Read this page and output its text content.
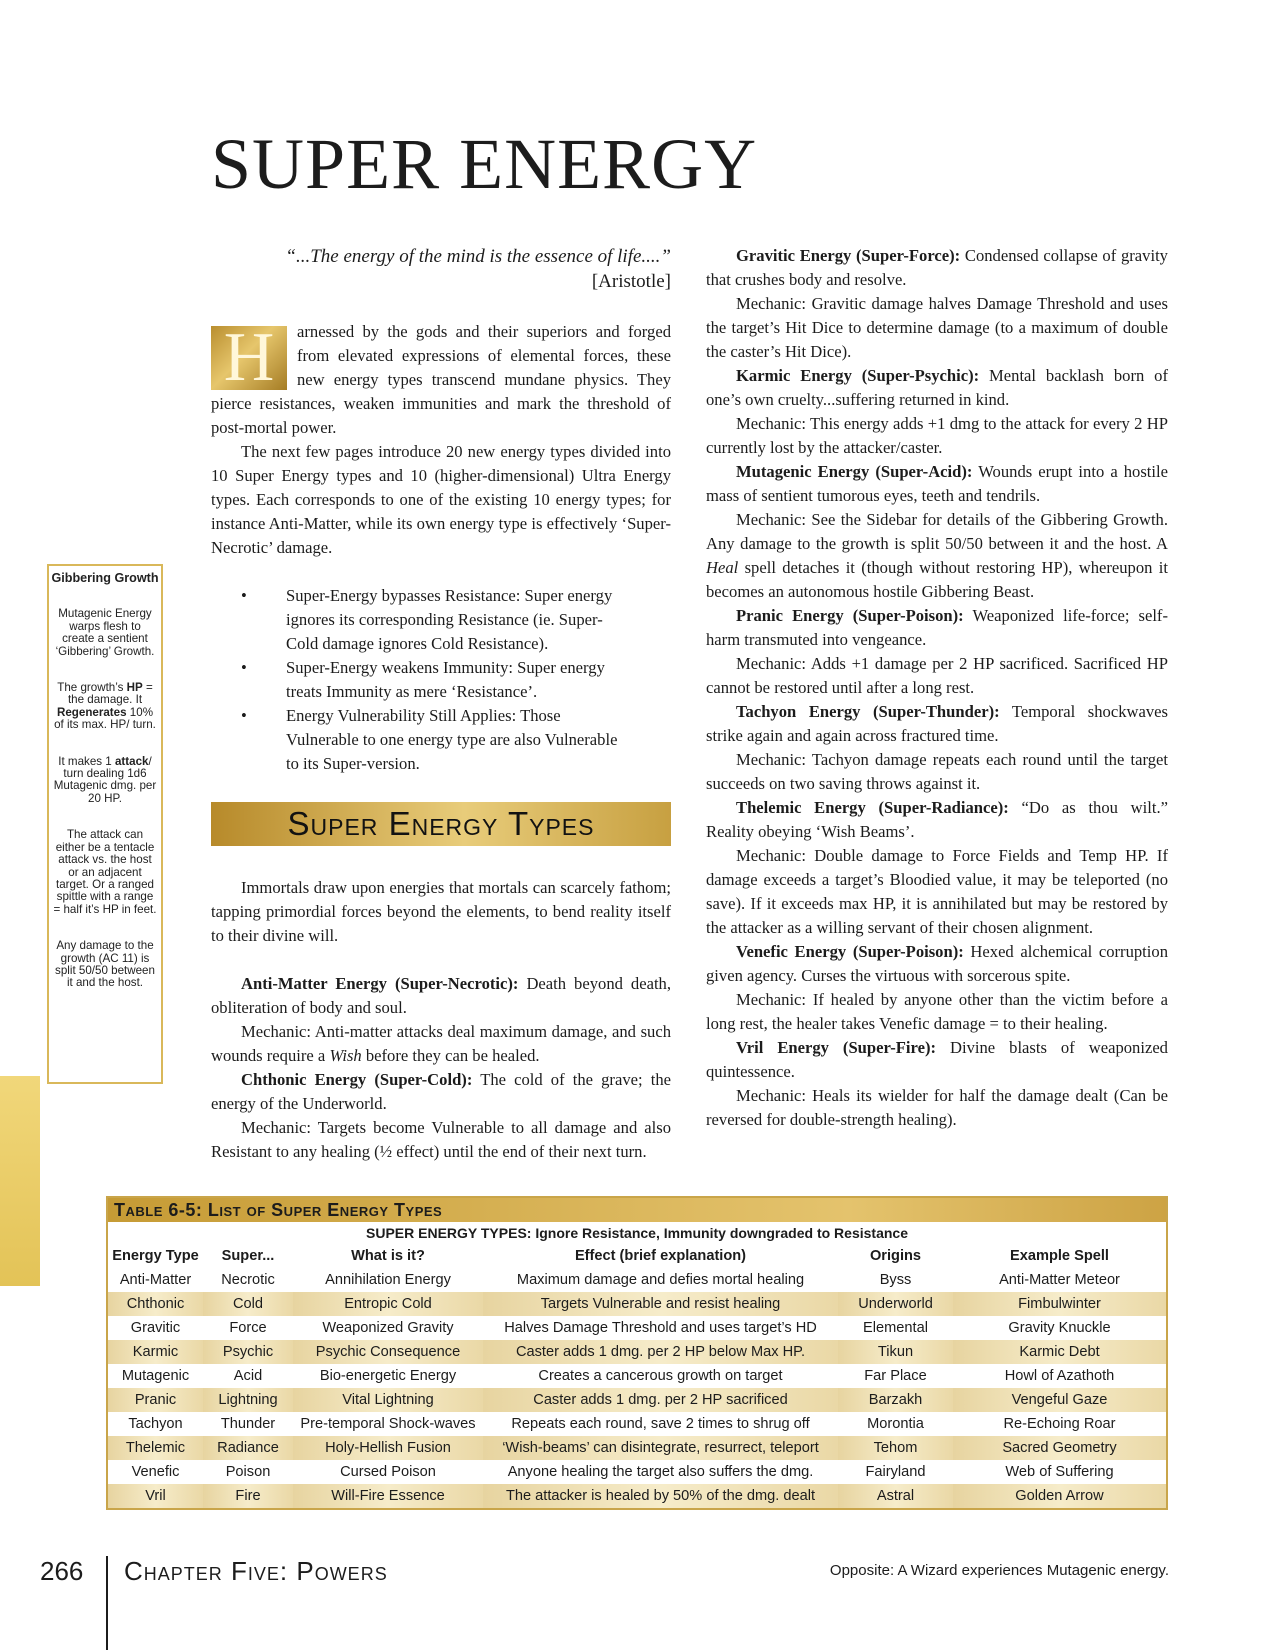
SUPER ENERGY

“...The energy of the mind is the essence of life....”

[Aristotle]

H	arnessed by the gods and their superiors and forged from elevated expressions of elemental forces, these new energy types transcend mundane physics. They pierce resistances, weaken immunities and mark the threshold of post-mortal power.

The next few pages introduce 20 new energy types divided into 10 Super Energy types and 10 (higher-dimensional) Ultra Energy types. Each corresponds to one of the existing 10 energy types; for instance Anti-Matter, while its own energy type is effectively ‘Super-Necrotic’ damage.

• Super-Energy bypasses Resistance: Super energy ignores its corresponding Resistance (ie. Super-Cold damage ignores Cold Resistance).
• Super-Energy weakens Immunity: Super energy treats Immunity as mere ‘Resistance’.
• Energy Vulnerability Still Applies: Those Vulnerable to one energy type are also Vulnerable to its Super-version.
Super Energy Types

Immortals draw upon energies that mortals can scarcely fathom; tapping primordial forces beyond the elements, to bend reality itself to their divine will.

Anti-Matter Energy (Super-Necrotic): Death beyond death, obliteration of body and soul.

Mechanic: Anti-matter attacks deal maximum damage, and such wounds require a Wish before they can be healed.

Chthonic Energy (Super-Cold): The cold of the grave; the energy of the Underworld.

Mechanic: Targets become Vulnerable to all damage and also Resistant to any healing (½ effect) until the end of their next turn.

Gravitic Energy (Super-Force): Condensed collapse of gravity that crushes body and resolve.

Mechanic: Gravitic damage halves Damage Threshold and uses the target’s Hit Dice to determine damage (to a maximum of double the caster’s Hit Dice).

Karmic Energy (Super-Psychic): Mental backlash born of one’s own cruelty...suffering returned in kind.

Mechanic: This energy adds +1 dmg to the attack for every 2 HP currently lost by the attacker/caster.

Mutagenic Energy (Super-Acid): Wounds erupt into a hostile mass of sentient tumorous eyes, teeth and tendrils.

Mechanic: See the Sidebar for details of the Gibbering Growth. Any damage to the growth is split 50/50 between it and the host. A Heal spell detaches it (though without restoring HP), whereupon it becomes an autonomous hostile Gibbering Beast.

Pranic Energy (Super-Poison): Weaponized life-force; self-harm transmuted into vengeance.

Mechanic: Adds +1 damage per 2 HP sacrificed. Sacrificed HP cannot be restored until after a long rest.

Tachyon Energy (Super-Thunder): Temporal shockwaves strike again and again across fractured time.

Mechanic: Tachyon damage repeats each round until the target succeeds on two saving throws against it.

Thelemic Energy (Super-Radiance): “Do as thou wilt.” Reality obeying ‘Wish Beams’.

Mechanic: Double damage to Force Fields and Temp HP. If damage exceeds a target’s Bloodied value, it may be teleported (no save). If it exceeds max HP, it is annihilated but may be restored by the attacker as a willing servant of their chosen alignment.

Venefic Energy (Super-Poison): Hexed alchemical corruption given agency. Curses the virtuous with sorcerous spite.

Mechanic: If healed by anyone other than the victim before a long rest, the healer takes Venefic damage = to their healing.

Vril Energy (Super-Fire): Divine blasts of weaponized quintessence.

Mechanic: Heals its wielder for half the damage dealt (Can be reversed for double-strength healing).

Gibbering Growth

Mutagenic Energy warps flesh to create a sentient ‘Gibbering’ Growth.

The growth’s HP = the damage. It Regenerates 10% of its max. HP/ turn.

It makes 1 attack/ turn dealing 1d6 Mutagenic dmg. per 20 HP.

The attack can either be a tentacle attack vs. the host or an adjacent target. Or a ranged spittle with a range = half it’s HP in feet.

Any damage to the growth (AC 11) is split 50/50 between it and the host.

Table 6-5: List of Super Energy Types
SUPER ENERGY TYPES: Ignore Resistance, Immunity downgraded to Resistance
Energy Type	Super...	What is it?	Effect (brief explanation)	Origins	Example Spell
Anti-Matter	Necrotic	Annihilation Energy	Maximum damage and defies mortal healing	Byss	Anti-Matter Meteor
Chthonic	Cold	Entropic Cold	Targets Vulnerable and resist healing	Underworld	Fimbulwinter
Gravitic	Force	Weaponized Gravity	Halves Damage Threshold and uses target’s HD	Elemental	Gravity Knuckle
Karmic	Psychic	Psychic Consequence	Caster adds 1 dmg. per 2 HP below Max HP.	Tikun	Karmic Debt
Mutagenic	Acid	Bio-energetic Energy	Creates a cancerous growth on target	Far Place	Howl of Azathoth
Pranic	Lightning	Vital Lightning	Caster adds 1 dmg. per 2 HP sacrificed	Barzakh	Vengeful Gaze
Tachyon	Thunder	Pre-temporal Shock-waves	Repeats each round, save 2 times to shrug off	Morontia	Re-Echoing Roar
Thelemic	Radiance	Holy-Hellish Fusion	‘Wish-beams’ can disintegrate, resurrect, teleport	Tehom	Sacred Geometry
Venefic	Poison	Cursed Poison	Anyone healing the target also suffers the dmg.	Fairyland	Web of Suffering
Vril	Fire	Will-Fire Essence	The attacker is healed by 50% of the dmg. dealt	Astral	Golden Arrow
266 Chapter Five: Powers	Opposite: A Wizard experiences Mutagenic energy.
